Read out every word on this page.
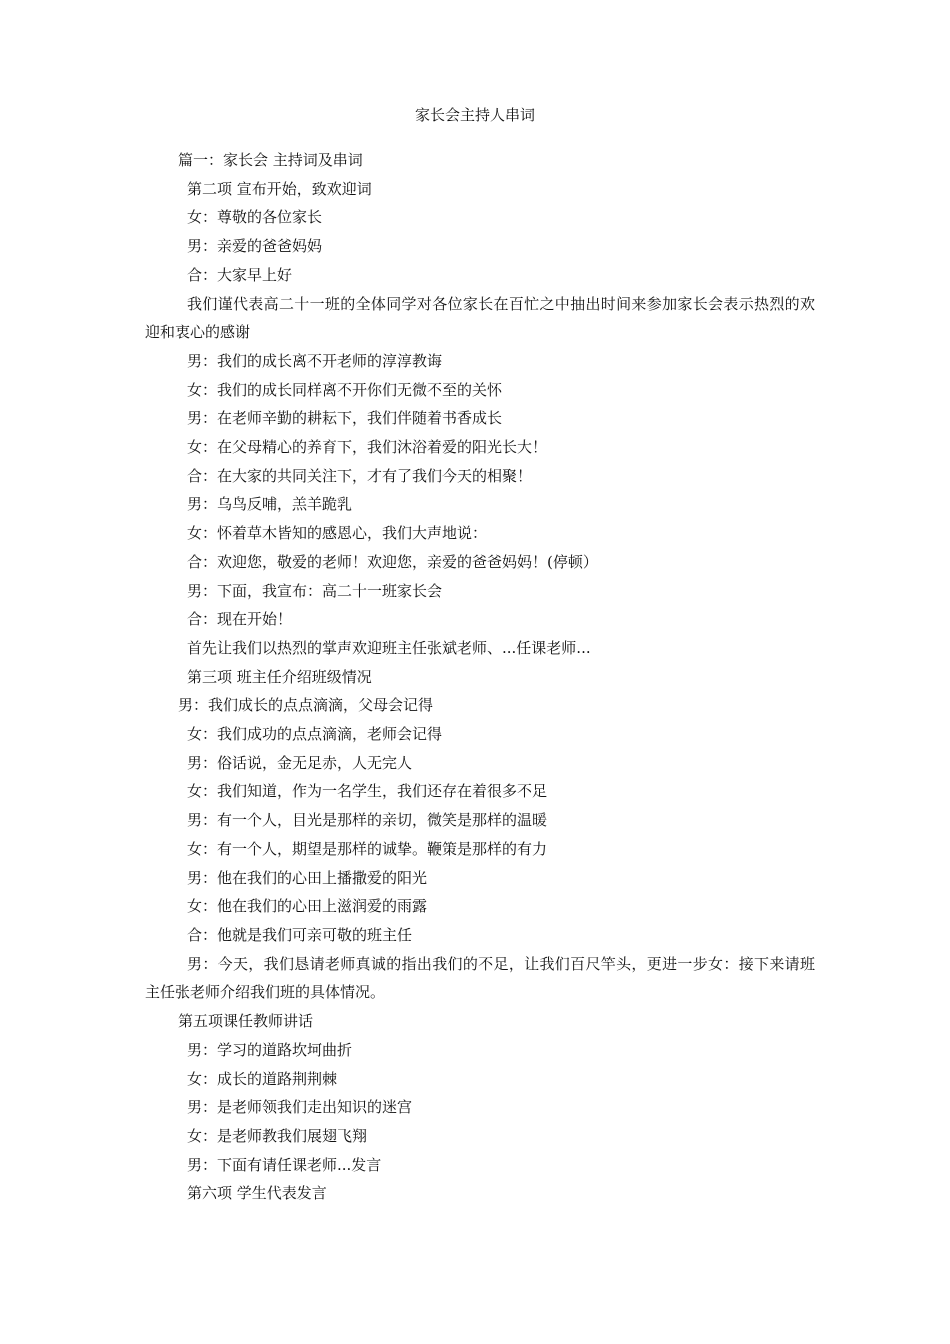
家长会主持人串词
篇一：家长会 主持词及串词
第二项 宣布开始，致欢迎词
女：尊敬的各位家长
男：亲爱的爸爸妈妈
合：大家早上好
我们谨代表高二十一班的全体同学对各位家长在百忙之中抽出时间来参加家长会表示热烈的欢迎和衷心的感谢
男：我们的成长离不开老师的淳淳教诲
女：我们的成长同样离不开你们无微不至的关怀
男：在老师辛勤的耕耘下，我们伴随着书香成长
女：在父母精心的养育下，我们沐浴着爱的阳光长大！
合：在大家的共同关注下，才有了我们今天的相聚！
男：乌鸟反哺，羔羊跪乳
女：怀着草木皆知的感恩心，我们大声地说：
合：欢迎您，敬爱的老师！欢迎您，亲爱的爸爸妈妈！(停顿）
男：下面，我宣布：高二十一班家长会
合：现在开始！
首先让我们以热烈的掌声欢迎班主任张斌老师、...任课老师...
第三项 班主任介绍班级情况
男：我们成长的点点滴滴，父母会记得
女：我们成功的点点滴滴，老师会记得
男：俗话说，金无足赤，人无完人
女：我们知道，作为一名学生，我们还存在着很多不足
男：有一个人，目光是那样的亲切，微笑是那样的温暖
女：有一个人，期望是那样的诚挚。鞭策是那样的有力
男：他在我们的心田上播撒爱的阳光
女：他在我们的心田上滋润爱的雨露
合：他就是我们可亲可敬的班主任
男：今天，我们恳请老师真诚的指出我们的不足，让我们百尺竿头，更进一步女：接下来请班主任张老师介绍我们班的具体情况。
第五项课任教师讲话
男：学习的道路坎坷曲折
女：成长的道路荆荆棘
男：是老师领我们走出知识的迷宫
女：是老师教我们展翅飞翔
男：下面有请任课老师...发言
第六项 学生代表发言
